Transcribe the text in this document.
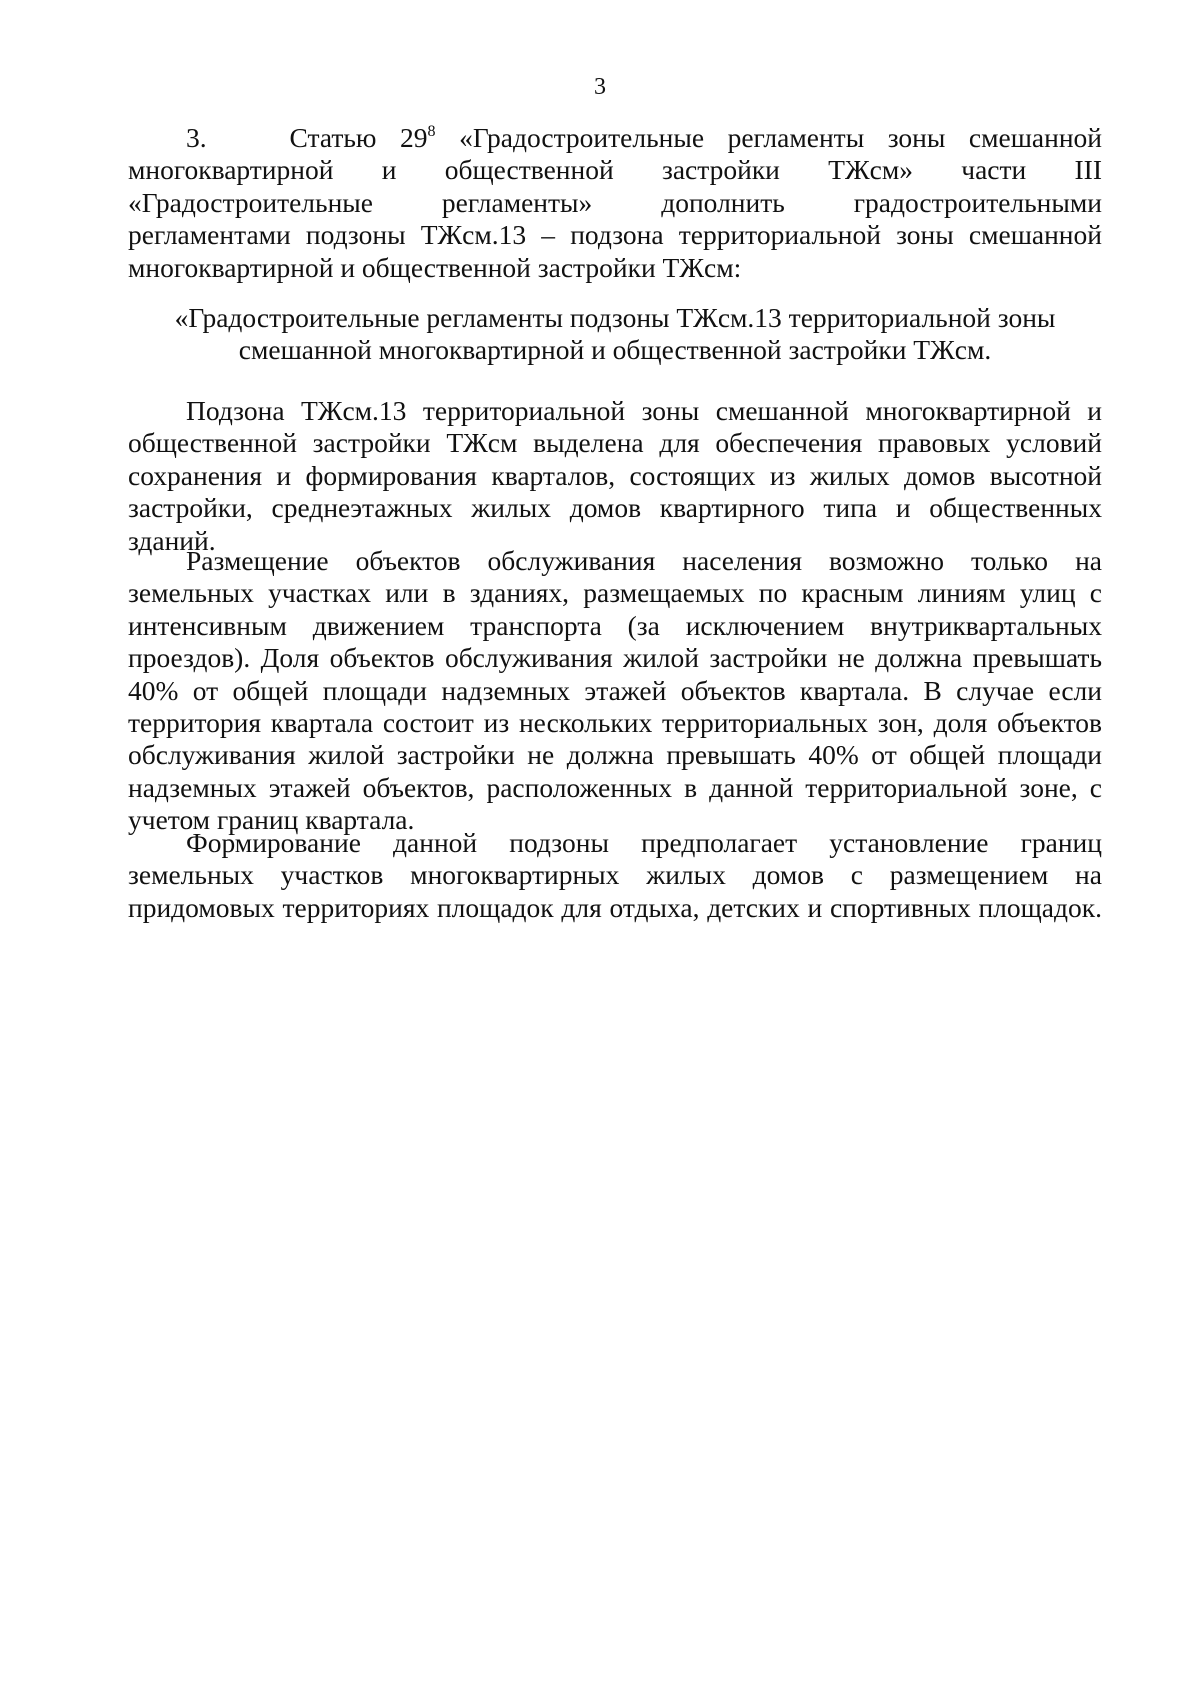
3
3.	Статью $29^8$ «Градостроительные регламенты зоны смешанной
многоквартирной и общественной застройки ТЖсм» части III
«Градостроительные регламенты» дополнить градостроительными
регламентами подзоны ТЖсм.13 – подзона территориальной зоны смешанной
многоквартирной и общественной застройки ТЖсм:
«Градостроительные регламенты подзоны ТЖсм.13 территориальной зоны
смешанной многоквартирной и общественной застройки ТЖсм.
Подзона ТЖсм.13 территориальной зоны смешанной многоквартирной и
общественной застройки ТЖсм выделена для обеспечения правовых условий
сохранения и формирования кварталов, состоящих из жилых домов высотной
застройки, среднеэтажных жилых домов квартирного типа и общественных
зданий.
Размещение объектов обслуживания населения возможно только на
земельных участках или в зданиях, размещаемых по красным линиям улиц с
интенсивным движением транспорта (за исключением внутриквартальных
проездов). Доля объектов обслуживания жилой застройки не должна превышать
40% от общей площади надземных этажей объектов квартала. В случае если
территория квартала состоит из нескольких территориальных зон, доля объектов
обслуживания жилой застройки не должна превышать 40% от общей площади
надземных этажей объектов, расположенных в данной территориальной зоне, с
учетом границ квартала.
Формирование данной подзоны предполагает установление границ
земельных участков многоквартирных жилых домов с размещением на
придомовых территориях площадок для отдыха, детских и спортивных площадок.
